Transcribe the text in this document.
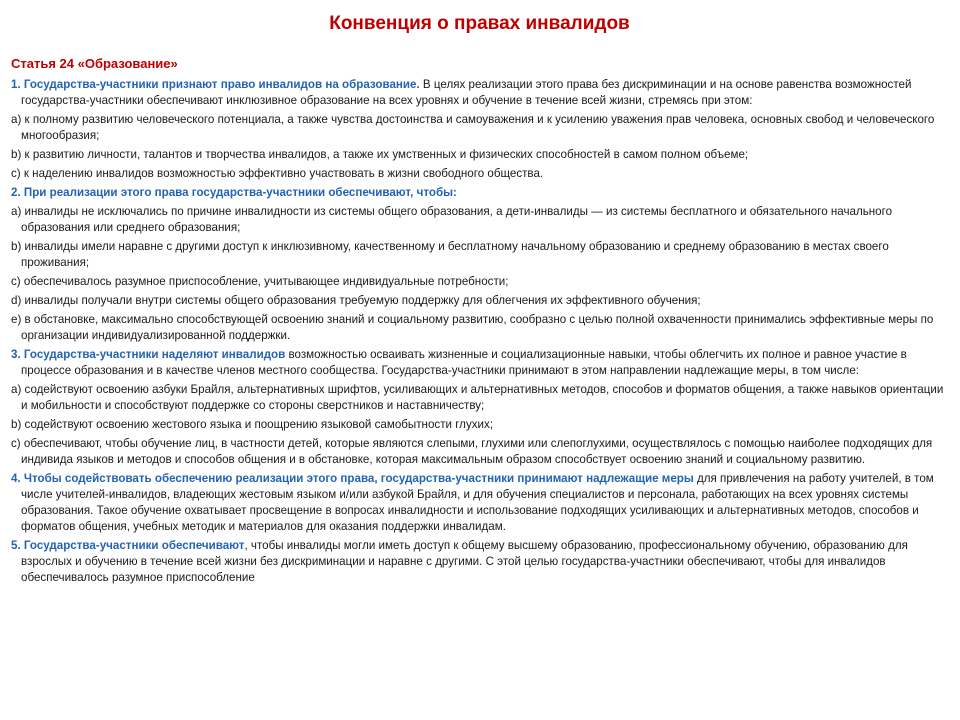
Конвенция о правах инвалидов
Статья 24 «Образование»

1. Государства-участники признают право инвалидов на образование. В целях реализации этого права без дискриминации и на основе равенства возможностей государства-участники обеспечивают инклюзивное образование на всех уровнях и обучение в течение всей жизни, стремясь при этом:

a) к полному развитию человеческого потенциала, а также чувства достоинства и самоуважения и к усилению уважения прав человека, основных свобод и человеческого многообразия;

b) к развитию личности, талантов и творчества инвалидов, а также их умственных и физических способностей в самом полном объеме;

c) к наделению инвалидов возможностью эффективно участвовать в жизни свободного общества.

2. При реализации этого права государства-участники обеспечивают, чтобы:

a) инвалиды не исключались по причине инвалидности из системы общего образования, а дети-инвалиды — из системы бесплатного и обязательного начального образования или среднего образования;

b) инвалиды имели наравне с другими доступ к инклюзивному, качественному и бесплатному начальному образованию и среднему образованию в местах своего проживания;

c) обеспечивалось разумное приспособление, учитывающее индивидуальные потребности;

d) инвалиды получали внутри системы общего образования требуемую поддержку для облегчения их эффективного обучения;

e) в обстановке, максимально способствующей освоению знаний и социальному развитию, сообразно с целью полной охваченности принимались эффективные меры по организации индивидуализированной поддержки.

3. Государства-участники наделяют инвалидов возможностью осваивать жизненные и социализационные навыки, чтобы облегчить их полное и равное участие в процессе образования и в качестве членов местного сообщества. Государства-участники принимают в этом направлении надлежащие меры, в том числе:

a) содействуют освоению азбуки Брайля, альтернативных шрифтов, усиливающих и альтернативных методов, способов и форматов общения, а также навыков ориентации и мобильности и способствуют поддержке со стороны сверстников и наставничеству;

b) содействуют освоению жестового языка и поощрению языковой самобытности глухих;

c) обеспечивают, чтобы обучение лиц, в частности детей, которые являются слепыми, глухими или слепоглухими, осуществлялось с помощью наиболее подходящих для индивида языков и методов и способов общения и в обстановке, которая максимальным образом способствует освоению знаний и социальному развитию.

4. Чтобы содействовать обеспечению реализации этого права, государства-участники принимают надлежащие меры для привлечения на работу учителей, в том числе учителей-инвалидов, владеющих жестовым языком и/или азбукой Брайля, и для обучения специалистов и персонала, работающих на всех уровнях системы образования. Такое обучение охватывает просвещение в вопросах инвалидности и использование подходящих усиливающих и альтернативных методов, способов и форматов общения, учебных методик и материалов для оказания поддержки инвалидам.

5. Государства-участники обеспечивают, чтобы инвалиды могли иметь доступ к общему высшему образованию, профессиональному обучению, образованию для взрослых и обучению в течение всей жизни без дискриминации и наравне с другими. С этой целью государства-участники обеспечивают, чтобы для инвалидов обеспечивалось разумное приспособление
